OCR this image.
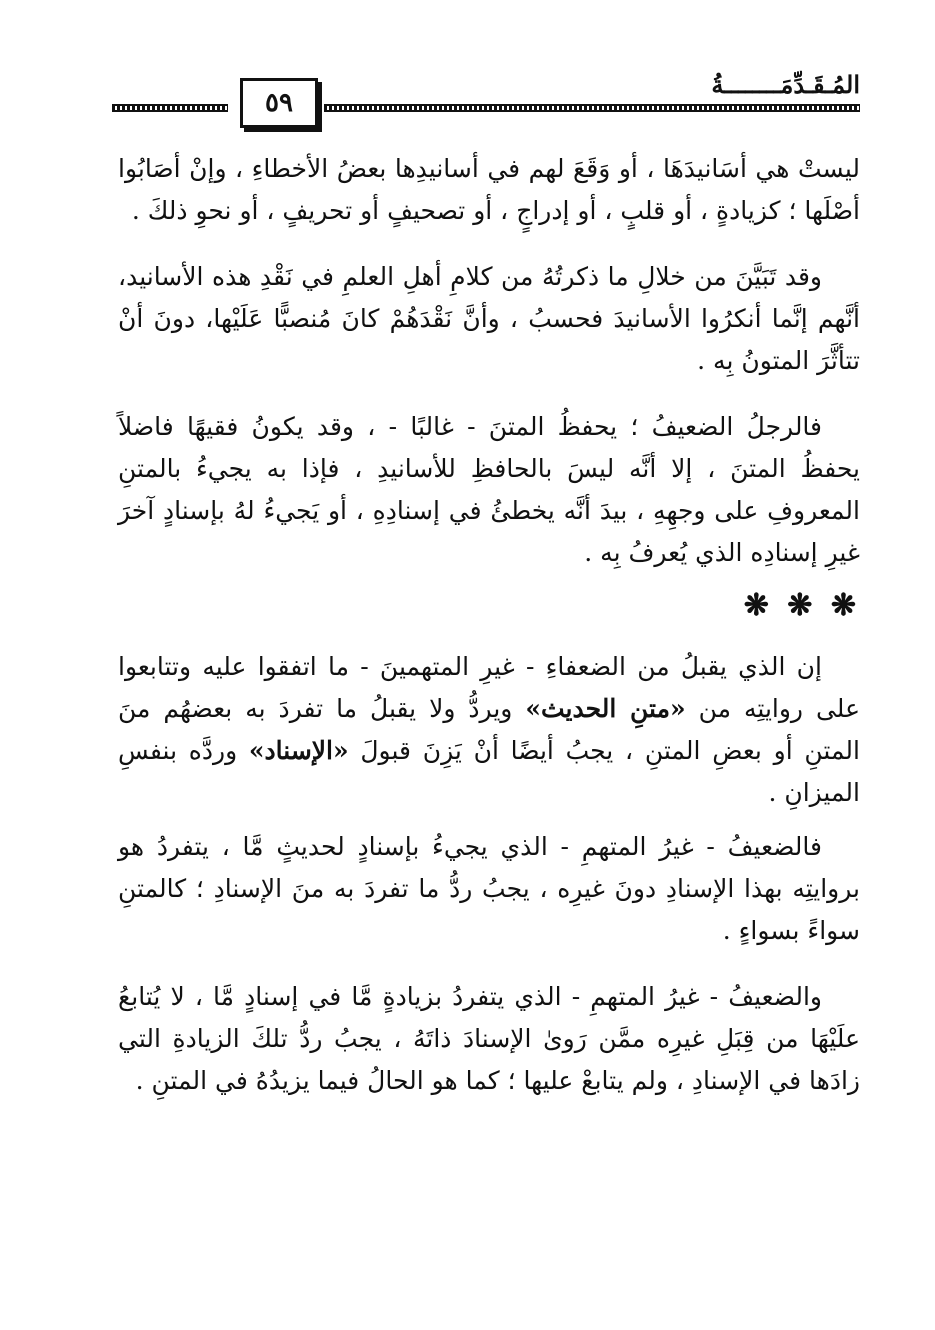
٥٩
المُـقَـدِّمَــــــــةُ

ليستْ هي أسَانيدَهَا ، أو وَقَعَ لهم في أسانيدِها بعضُ الأخطاءِ ، وإنْ أصَابُوا أصْلَها ؛ كزيادةٍ ، أو قلبٍ ، أو إدراجٍ ، أو تصحيفٍ أو تحريفٍ ، أو نحوِ ذلكَ .

وقد تَبَيَّنَ من خلالِ ما ذكرتُهُ من كلامِ أهلِ العلمِ في نَقْدِ هذه الأسانيد، أنَّهم إنَّما أنكرُوا الأسانيدَ فحسبُ ، وأنَّ نَقْدَهُمْ كانَ مُنصبًّا عَلَيْها، دونَ أنْ تتأثَّرَ المتونُ بِه .

فالرجلُ الضعيفُ ؛ يحفظُ المتنَ - غالبًا - ، وقد يكونُ فقيهًا فاضلاً يحفظُ المتنَ ، إلا أنَّه ليسَ بالحافظِ للأسانيدِ ، فإذا به يجيءُ بالمتنِ المعروفِ على وجهِهِ ، بيدَ أنَّه يخطئُ في إسنادِهِ ، أو يَجيءُ لهُ بإسنادٍ آخرَ غيرِ إسنادِه الذي يُعرفُ بِه .

❋ ❋ ❋

إن الذي يقبلُ من الضعفاءِ - غيرِ المتهمينَ - ما اتفقوا عليه وتتابعوا على روايتِه من «متنِ الحديث» ويردُّ ولا يقبلُ ما تفردَ به بعضهُم منَ المتنِ أو بعضِ المتنِ ، يجبُ أيضًا أنْ يَزِنَ قبولَ «الإسناد» وردَّه بنفسِ الميزانِ .

فالضعيفُ - غيرُ المتهمِ - الذي يجيءُ بإسنادٍ لحديثٍ مَّا ، يتفردُ هو بروايتِه بهذا الإسنادِ دونَ غيرِه ، يجبُ ردُّ ما تفردَ به منَ الإسنادِ ؛ كالمتنِ سواءً بسواءٍ .

والضعيفُ - غيرُ المتهمِ - الذي يتفردُ بزيادةٍ مَّا في إسنادٍ مَّا ، لا يُتابعُ علَيْهَا من قِبَلِ غيرِه ممَّن رَوىٰ الإسنادَ ذاتَهُ ، يجبُ ردُّ تلكَ الزيادةِ التي زادَها في الإسنادِ ، ولم يتابعْ عليها ؛ كما هو الحالُ فيما يزيدُهُ في المتنِ .
